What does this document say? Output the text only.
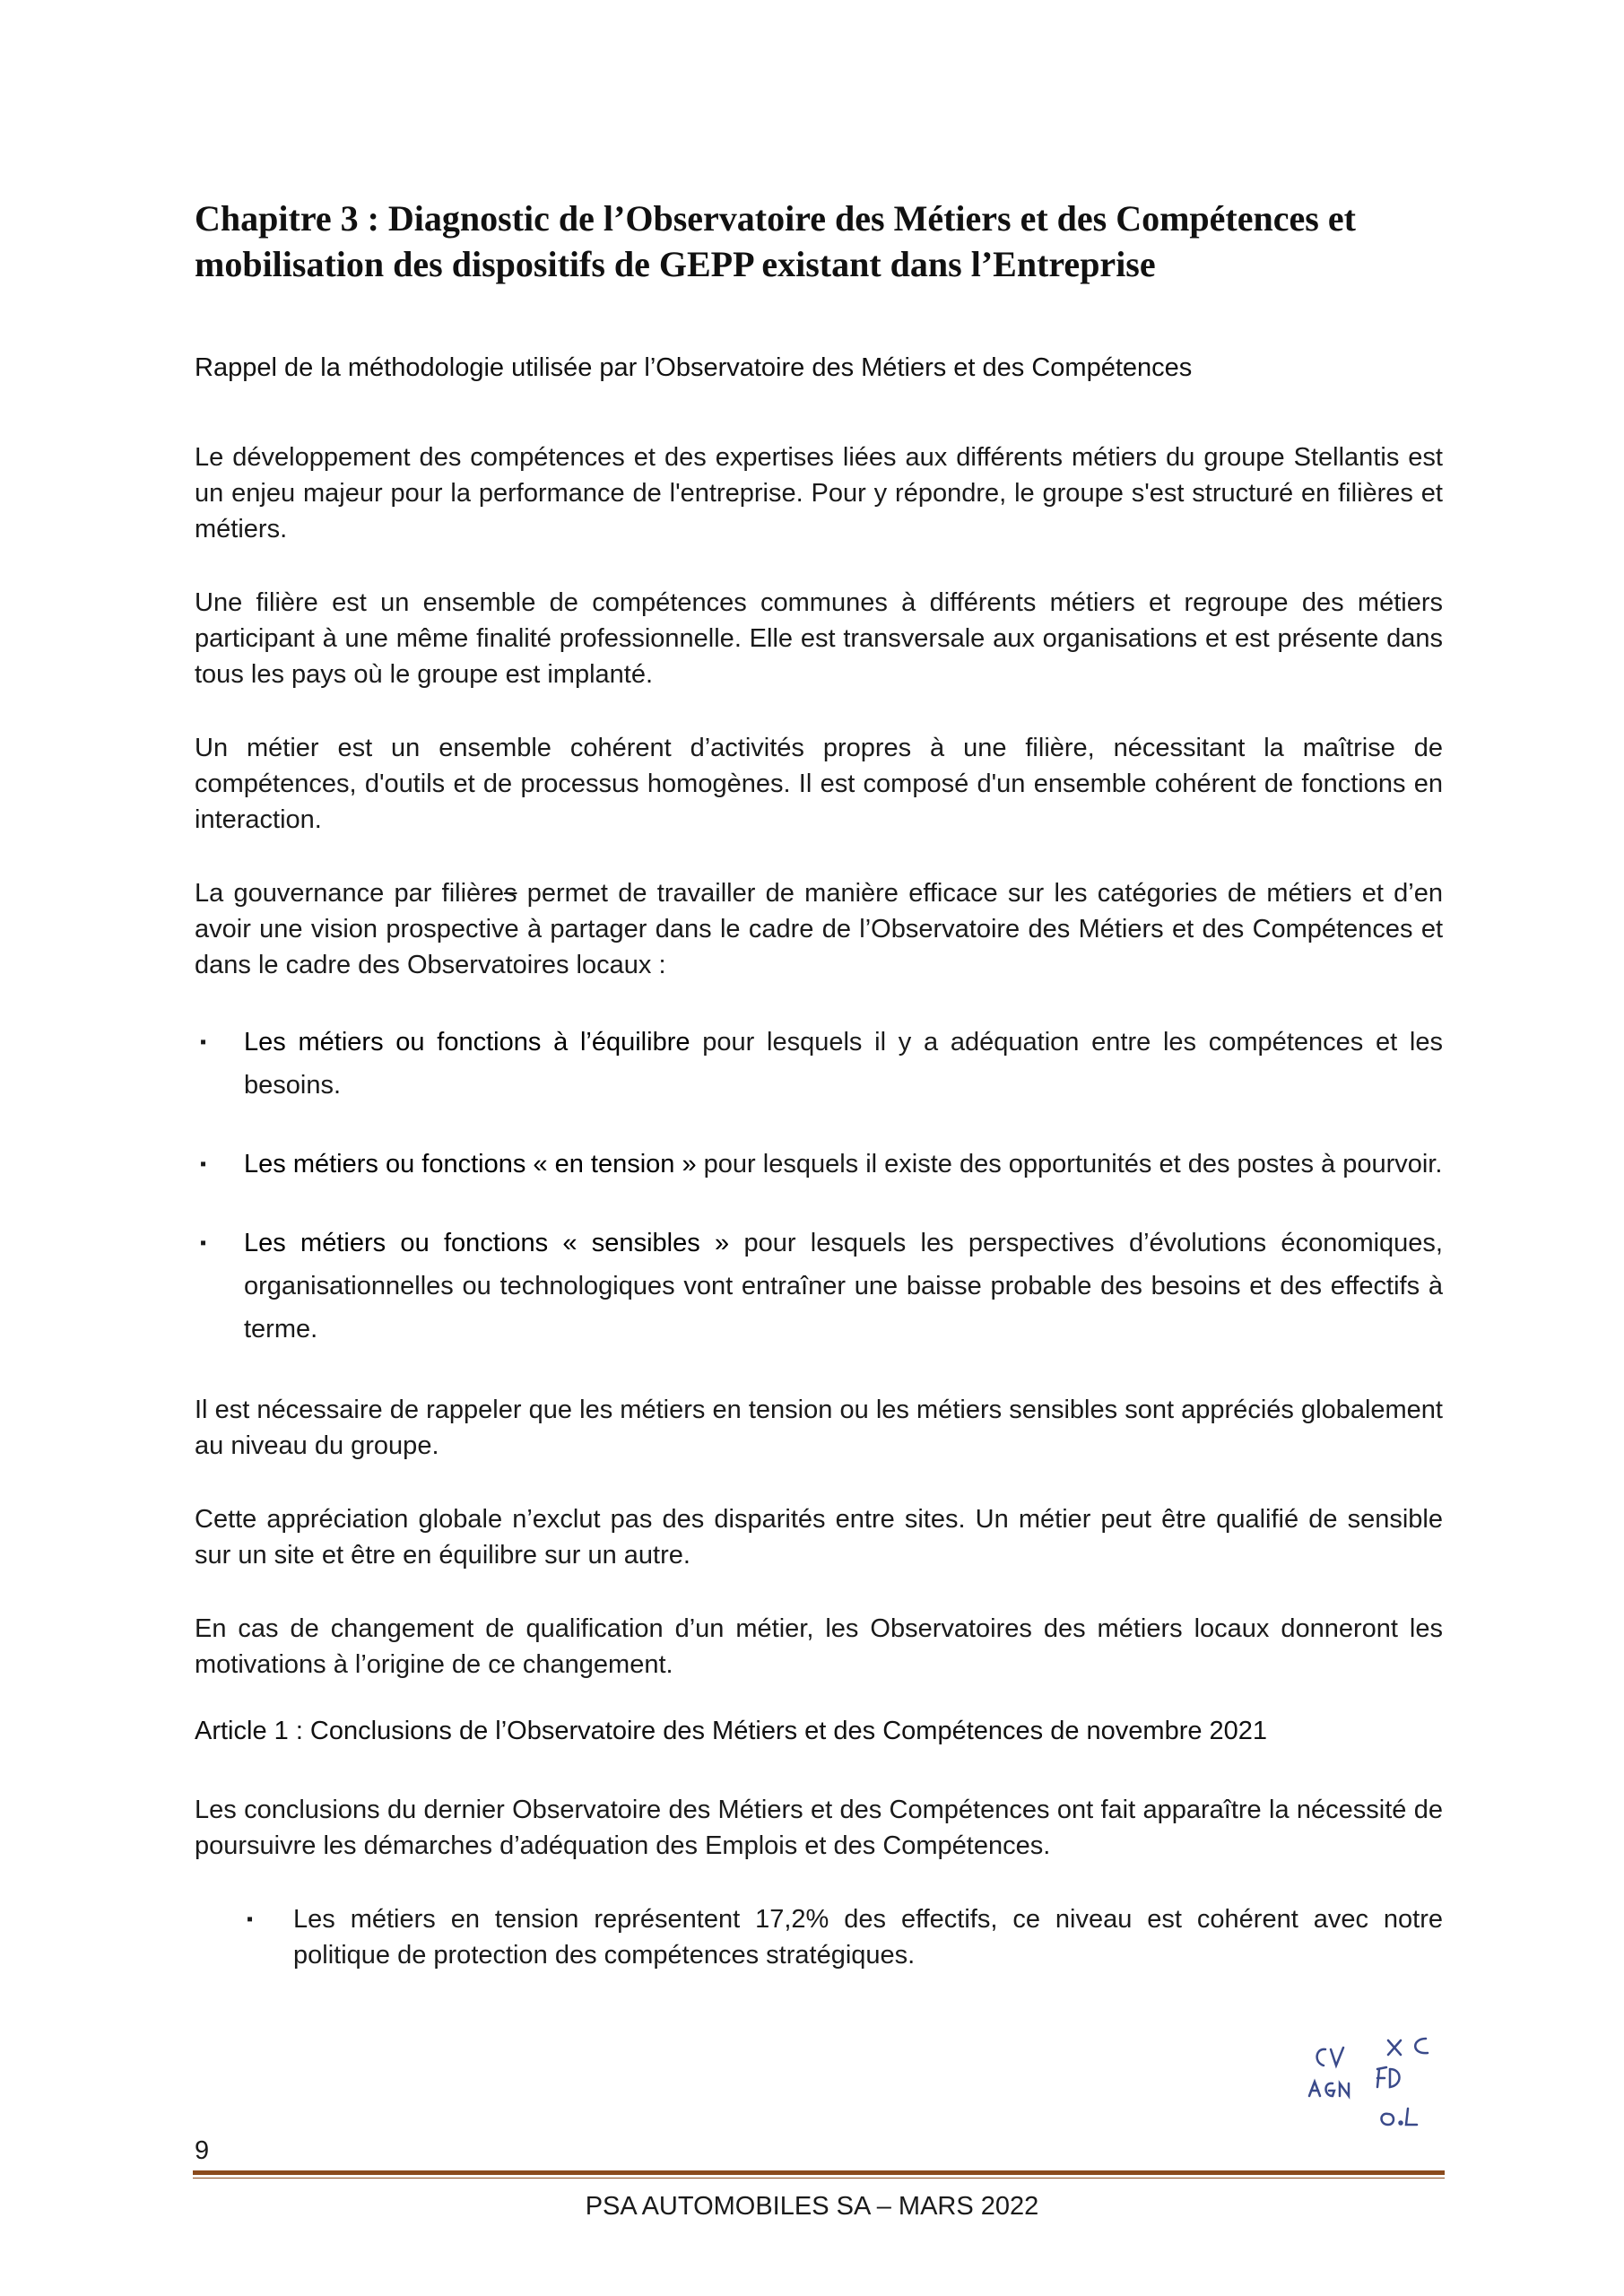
Chapitre 3 : Diagnostic de l’Observatoire des Métiers et des Compétences et mobilisation des dispositifs de GEPP existant dans l’Entreprise
Rappel de la méthodologie utilisée par l’Observatoire des Métiers et des Compétences

Le développement des compétences et des expertises liées aux différents métiers du groupe Stellantis est un enjeu majeur pour la performance de l'entreprise. Pour y répondre, le groupe s'est structuré en filières et métiers.

Une filière est un ensemble de compétences communes à différents métiers et regroupe des métiers participant à une même finalité professionnelle. Elle est transversale aux organisations et est présente dans tous les pays où le groupe est implanté.

Un métier est un ensemble cohérent d’activités propres à une filière, nécessitant la maîtrise de compétences, d'outils et de processus homogènes. Il est composé d'un ensemble cohérent de fonctions en interaction.

La gouvernance par filières permet de travailler de manière efficace sur les catégories de métiers et d’en avoir une vision prospective à partager dans le cadre de l’Observatoire des Métiers et des Compétences et dans le cadre des Observatoires locaux :

▪ Les métiers ou fonctions à l’équilibre pour lesquels il y a adéquation entre les compétences et les besoins.
▪ Les métiers ou fonctions « en tension » pour lesquels il existe des opportunités et des postes à pourvoir.
▪ Les métiers ou fonctions « sensibles » pour lesquels les perspectives d’évolutions économiques, organisationnelles ou technologiques vont entraîner une baisse probable des besoins et des effectifs à terme.

Il est nécessaire de rappeler que les métiers en tension ou les métiers sensibles sont appréciés globalement au niveau du groupe.

Cette appréciation globale n’exclut pas des disparités entre sites. Un métier peut être qualifié de sensible sur un site et être en équilibre sur un autre.

En cas de changement de qualification d’un métier, les Observatoires des métiers locaux donneront les motivations à l’origine de ce changement.

Article 1 : Conclusions de l’Observatoire des Métiers et des Compétences de novembre 2021

Les conclusions du dernier Observatoire des Métiers et des Compétences ont fait apparaître la nécessité de poursuivre les démarches d’adéquation des Emplois et des Compétences.

▪ Les métiers en tension représentent 17,2% des effectifs, ce niveau est cohérent avec notre politique de protection des compétences stratégiques.
9
PSA AUTOMOBILES SA – MARS 2022
